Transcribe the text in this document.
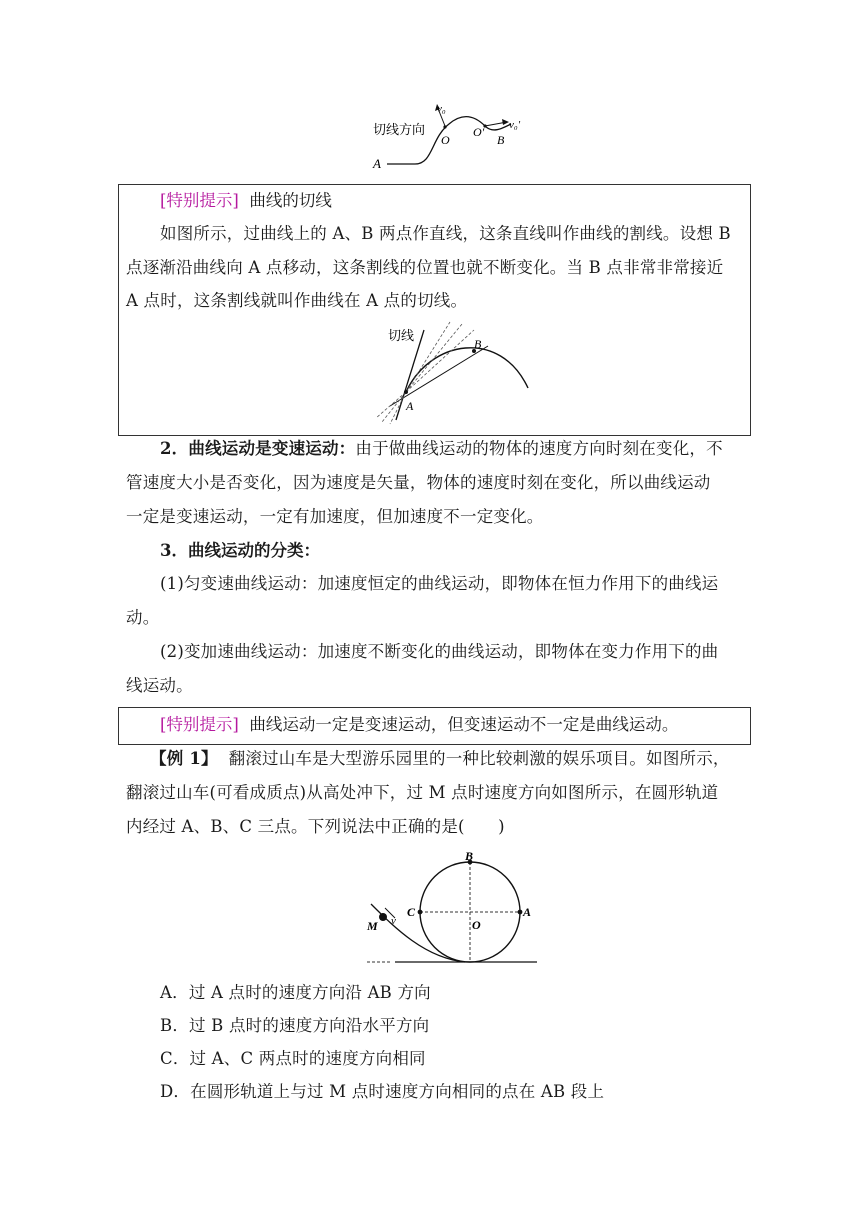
切线方向
A
O
O′
B
v₀
v₀′
[特别提示] 曲线的切线
如图所示，过曲线上的 A、B 两点作直线，这条直线叫作曲线的割线。设想 B
点逐渐沿曲线向 A 点移动，这条割线的位置也就不断变化。当 B 点非常非常接近
A 点时，这条割线就叫作曲线在 A 点的切线。
切线
A
B
2．曲线运动是变速运动：由于做曲线运动的物体的速度方向时刻在变化，不
管速度大小是否变化，因为速度是矢量，物体的速度时刻在变化，所以曲线运动
一定是变速运动，一定有加速度，但加速度不一定变化。
3．曲线运动的分类：
(1)匀变速曲线运动：加速度恒定的曲线运动，即物体在恒力作用下的曲线运
动。
(2)变加速曲线运动：加速度不断变化的曲线运动，即物体在变力作用下的曲
线运动。
[特别提示] 曲线运动一定是变速运动，但变速运动不一定是曲线运动。
【例 1】 翻滚过山车是大型游乐园里的一种比较刺激的娱乐项目。如图所示，
翻滚过山车(可看成质点)从高处冲下，过 M 点时速度方向如图所示，在圆形轨道
内经过 A、B、C 三点。下列说法中正确的是(　　)
B
C
O
A
M v
A．过 A 点时的速度方向沿 AB 方向
B．过 B 点时的速度方向沿水平方向
C．过 A、C 两点时的速度方向相同
D．在圆形轨道上与过 M 点时速度方向相同的点在 AB 段上
